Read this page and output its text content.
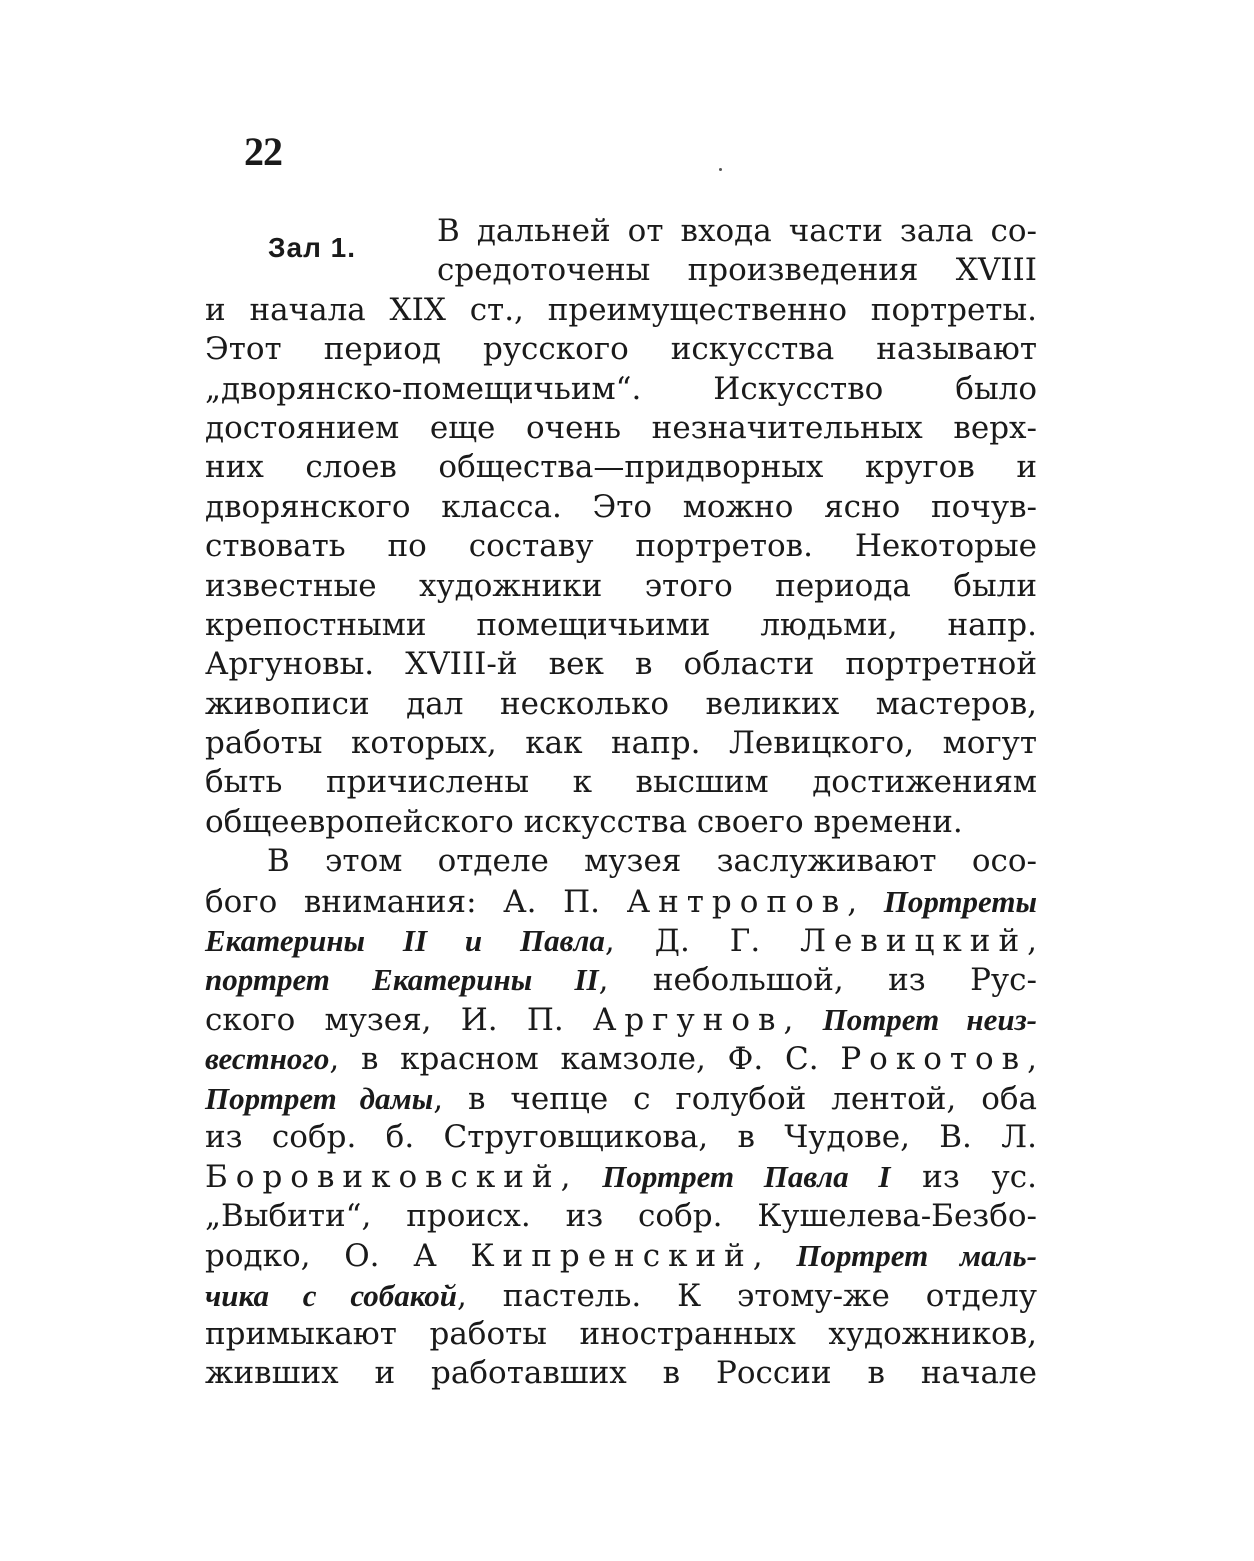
22
Зал 1.	В дальней от входа части зала со-
средоточены произведения XVIII
и начала XIX ст., преимущественно портреты.
Этот период русского искусства называют
„дворянско-помещичьим“. Искусство было
достоянием еще очень незначительных верх-
них слоев общества—придворных кругов и
дворянского класса. Это можно ясно почув-
ствовать по составу портретов. Некоторые
известные художники этого периода были
крепостными помещичьими людьми, напр.
Аргуновы. XVIII-й век в области портретной
живописи дал несколько великих мастеров,
работы которых, как напр. Левицкого, могут
быть причислены к высшим достижениям
общеевропейского искусства своего времени.
В этом отделе музея заслуживают осо-
бого внимания: А. П. Антропов, Портреты
Екатерины II и Павла, Д. Г. Левицкий,
портрет Екатерины II, небольшой, из Рус-
ского музея, И. П. Аргунов, Потрет неиз-
вестного, в красном камзоле, Ф. С. Рокотов,
Портрет дамы, в чепце с голубой лентой, оба
из собр. б. Струговщикова, в Чудове, В. Л.
Боровиковский, Портрет Павла I из ус.
„Выбити“, происх. из собр. Кушелева-Безбо-
родко, О. А Кипренский, Портрет маль-
чика с собакой, пастель. К этому-же отделу
примыкают работы иностранных художников,
живших и работавших в России в начале
